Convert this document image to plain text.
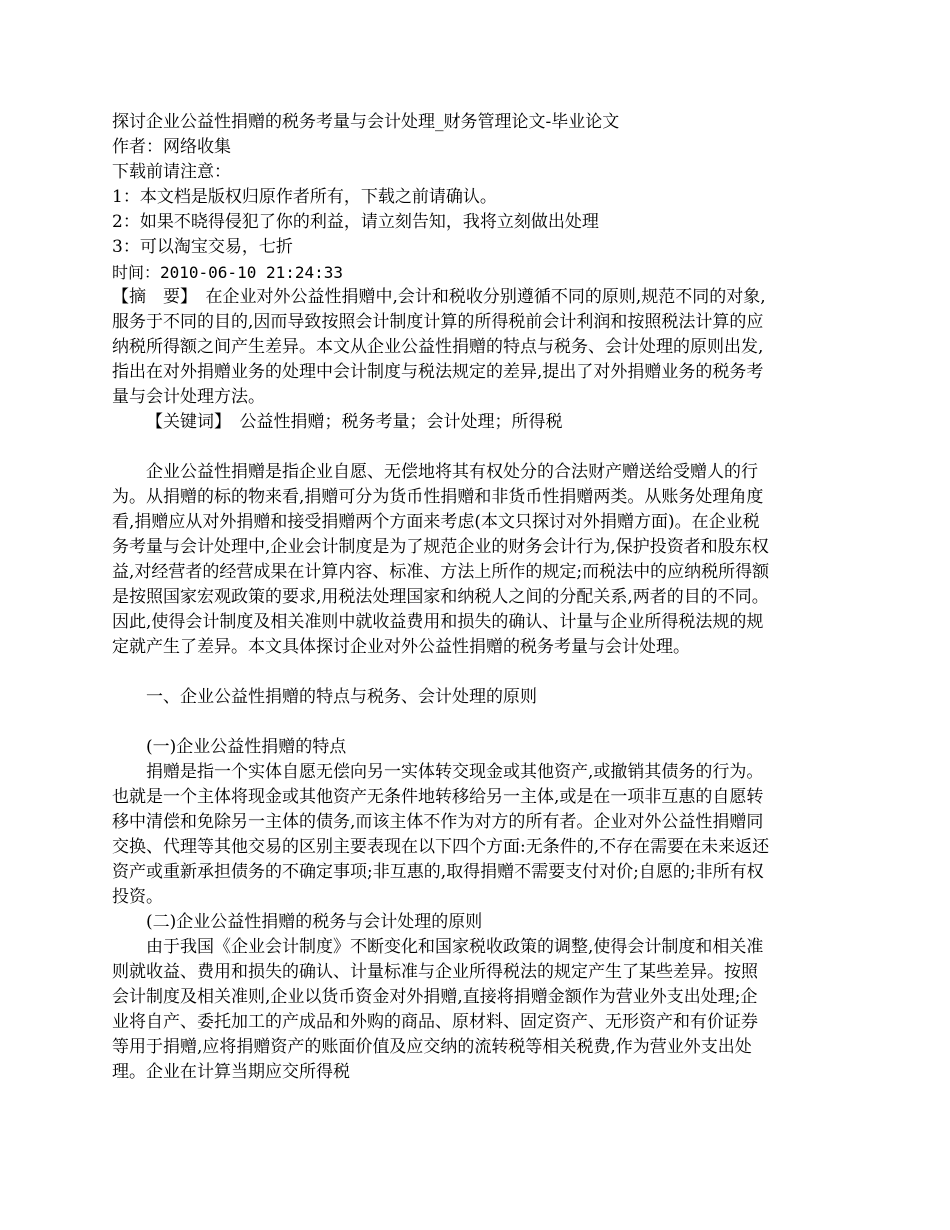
探讨企业公益性捐赠的税务考量与会计处理_财务管理论文-毕业论文

作者：网络收集

下载前请注意：

1：本文档是版权归原作者所有，下载之前请确认。

2：如果不晓得侵犯了你的利益，请立刻告知，我将立刻做出处理

3：可以淘宝交易，七折

时间：2010-06-10 21:24:33

【摘　要】　在企业对外公益性捐赠中,会计和税收分别遵循不同的原则,规范不同的对象,服务于不同的目的,因而导致按照会计制度计算的所得税前会计利润和按照税法计算的应纳税所得额之间产生差异。本文从企业公益性捐赠的特点与税务、会计处理的原则出发,指出在对外捐赠业务的处理中会计制度与税法规定的差异,提出了对外捐赠业务的税务考量与会计处理方法。

【关键词】　公益性捐赠；税务考量；会计处理；所得税

企业公益性捐赠是指企业自愿、无偿地将其有权处分的合法财产赠送给受赠人的行为。从捐赠的标的物来看,捐赠可分为货币性捐赠和非货币性捐赠两类。从账务处理角度看,捐赠应从对外捐赠和接受捐赠两个方面来考虑(本文只探讨对外捐赠方面)。在企业税务考量与会计处理中,企业会计制度是为了规范企业的财务会计行为,保护投资者和股东权益,对经营者的经营成果在计算内容、标准、方法上所作的规定;而税法中的应纳税所得额是按照国家宏观政策的要求,用税法处理国家和纳税人之间的分配关系,两者的目的不同。因此,使得会计制度及相关准则中就收益费用和损失的确认、计量与企业所得税法规的规定就产生了差异。本文具体探讨企业对外公益性捐赠的税务考量与会计处理。

一、企业公益性捐赠的特点与税务、会计处理的原则

(一)企业公益性捐赠的特点

捐赠是指一个实体自愿无偿向另一实体转交现金或其他资产,或撤销其债务的行为。也就是一个主体将现金或其他资产无条件地转移给另一主体,或是在一项非互惠的自愿转移中清偿和免除另一主体的债务,而该主体不作为对方的所有者。企业对外公益性捐赠同交换、代理等其他交易的区别主要表现在以下四个方面:无条件的,不存在需要在未来返还资产或重新承担债务的不确定事项;非互惠的,取得捐赠不需要支付对价;自愿的;非所有权投资。

(二)企业公益性捐赠的税务与会计处理的原则

由于我国《企业会计制度》不断变化和国家税收政策的调整,使得会计制度和相关准则就收益、费用和损失的确认、计量标准与企业所得税法的规定产生了某些差异。按照会计制度及相关准则,企业以货币资金对外捐赠,直接将捐赠金额作为营业外支出处理;企业将自产、委托加工的产成品和外购的商品、原材料、固定资产、无形资产和有价证券等用于捐赠,应将捐赠资产的账面价值及应交纳的流转税等相关税费,作为营业外支出处理。企业在计算当期应交所得税
